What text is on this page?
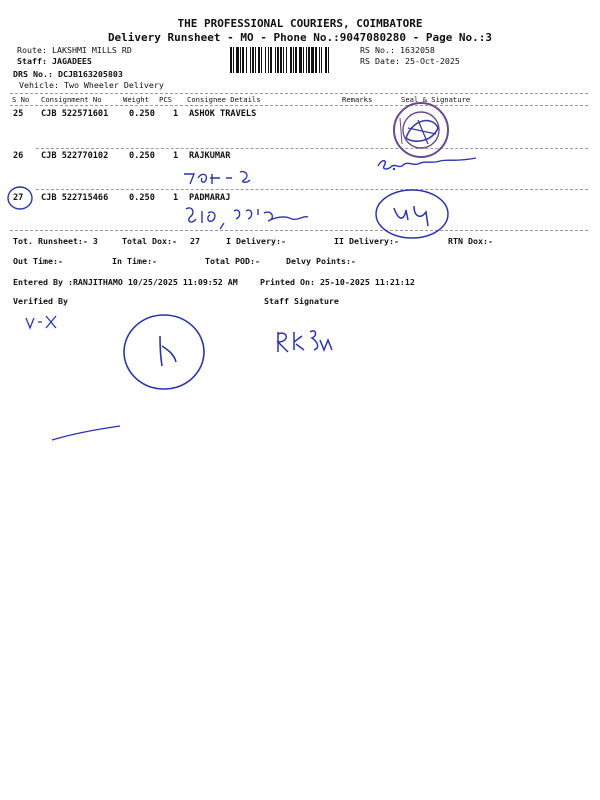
THE PROFESSIONAL COURIERS, COIMBATORE
Delivery Runsheet - MO - Phone No.:9047080280 - Page No.:3
Route: LAKSHMI MILLS RD
Staff: JAGADEES
DRS No.: DCJB163205803
Vehicle: Two Wheeler Delivery
RS No.: 1632058
RS Date: 25-Oct-2025
S No Consignment No	Weight PCS Consignee Details	Remarks	Seal & Signature
25 CJB 522571601 0.250 1 ASHOK TRAVELS
26 CJB 522770102 0.250 1 RAJKUMAR
27 CJB 522715466 0.250 1 PADMARAJ
Tot. Runsheet:- 3	Total Dox:- 27	I Delivery:-	II Delivery:-	RTN Dox:-
Out Time:-	In Time:-	Total POD:-	Delvy Points:-
Entered By :RANJITHAMO 10/25/2025 11:09:52 AM	Printed On: 25-10-2025 11:21:12
Verified By	Staff Signature
